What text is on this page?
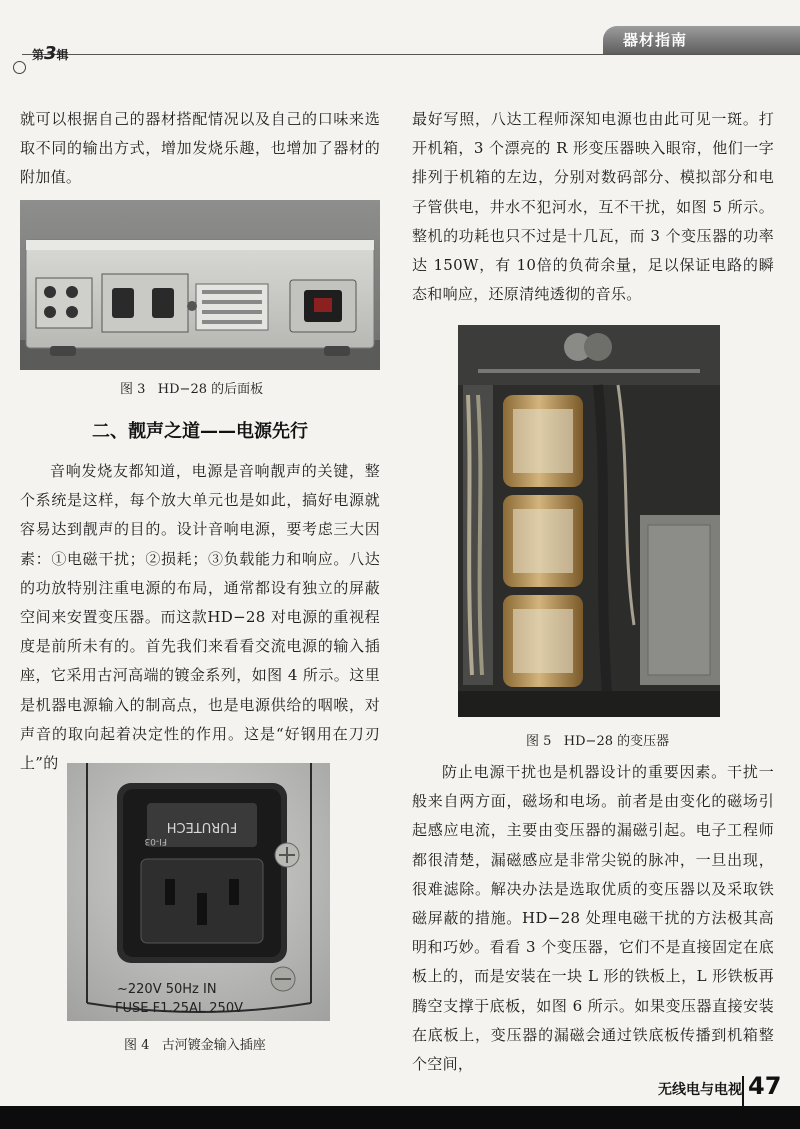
第3辑
器材指南

就可以根据自己的器材搭配情况以及自己的口味来选取不同的输出方式，增加发烧乐趣，也增加了器材的附加值。

图 3   HD−28 的后面板
二、靓声之道——电源先行

音响发烧友都知道，电源是音响靓声的关键，整个系统是这样，每个放大单元也是如此，搞好电源就容易达到靓声的目的。设计音响电源，要考虑三大因素：①电磁干扰；②损耗；③负载能力和响应。八达的功放特别注重电源的布局，通常都设有独立的屏蔽空间来安置变压器。而这款HD−28 对电源的重视程度是前所未有的。首先我们来看看交流电源的输入插座，它采用古河高端的镀金系列，如图 4 所示。这里是机器电源输入的制高点，也是电源供给的咽喉，对声音的取向起着决定性的作用。这是“好钢用在刀刃上”的

FURUTECH
FI-03
~220V 50Hz IN
FUSE F1.25AL 250V
图 4   古河镀金输入插座

最好写照，八达工程师深知电源也由此可见一斑。打开机箱，3 个漂亮的 R 形变压器映入眼帘，他们一字排列于机箱的左边，分别对数码部分、模拟部分和电子管供电，井水不犯河水，互不干扰，如图 5 所示。整机的功耗也只不过是十几瓦，而 3 个变压器的功率达 150W，有 10倍的负荷余量，足以保证电路的瞬态和响应，还原清纯透彻的音乐。

图 5   HD−28 的变压器

防止电源干扰也是机器设计的重要因素。干扰一般来自两方面，磁场和电场。前者是由变化的磁场引起感应电流，主要由变压器的漏磁引起。电子工程师都很清楚，漏磁感应是非常尖锐的脉冲，一旦出现，很难滤除。解决办法是选取优质的变压器以及采取铁磁屏蔽的措施。HD−28 处理电磁干扰的方法极其高明和巧妙。看看 3 个变压器，它们不是直接固定在底板上的，而是安装在一块 L 形的铁板上，L 形铁板再腾空支撑于底板，如图 6 所示。如果变压器直接安装在底板上，变压器的漏磁会通过铁底板传播到机箱整个空间，

无线电与电视 47
